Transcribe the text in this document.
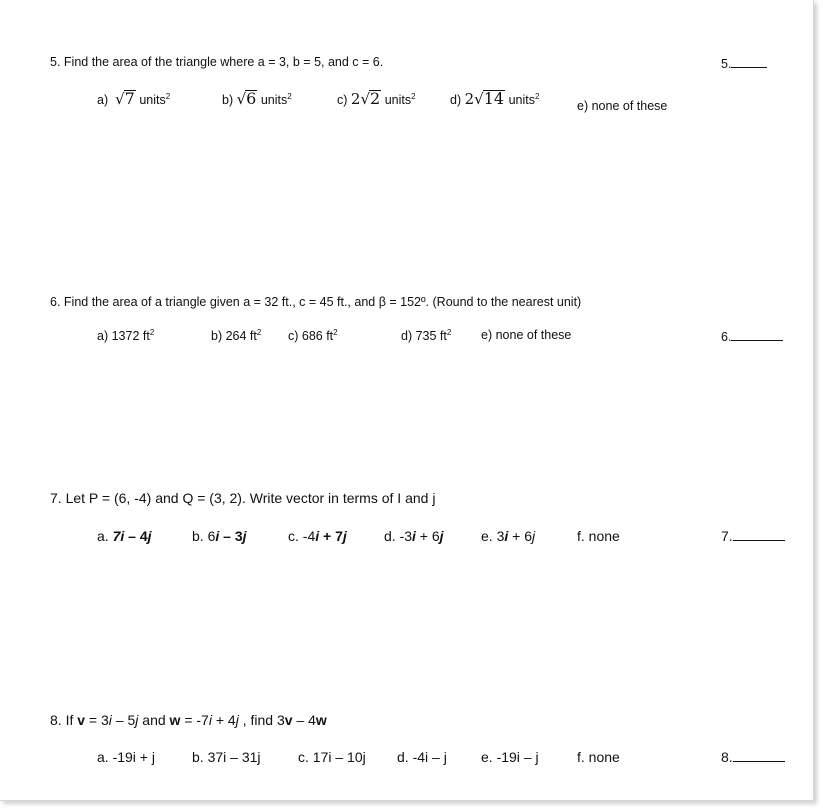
5. Find the area of the triangle where a = 3, b = 5, and c = 6.	5.
a) √ 7 units$^2$	b) √ 6 units$^2$	c) 2 √ 2 units$^2$	d) 2 √ 14 units$^2$
e) none of these
6. Find the area of a triangle given a = 32 ft., c = 45 ft., and β = 152º. (Round to the nearest unit)
a) 1372 $ft^2$	b) 264 $ft^2$ c) 686 $ft^2$	d) 735 $ft^2$ e) none of these	6.
7. Let P = (6, -4) and Q = (3, 2). Write vector in terms of I and j
a. 7i – 4j	b. 6i – 3j	c. -4i + 7j	d. -3i + 6j	e. 3i + 6j	f. none	7.
8. If v = 3i – 5j and w = -7i + 4j , find 3v – 4w
a. -19i + j	b. 37i – 31j	c. 17i – 10j d. -4i – j e. -19i – j	f. none	8.
